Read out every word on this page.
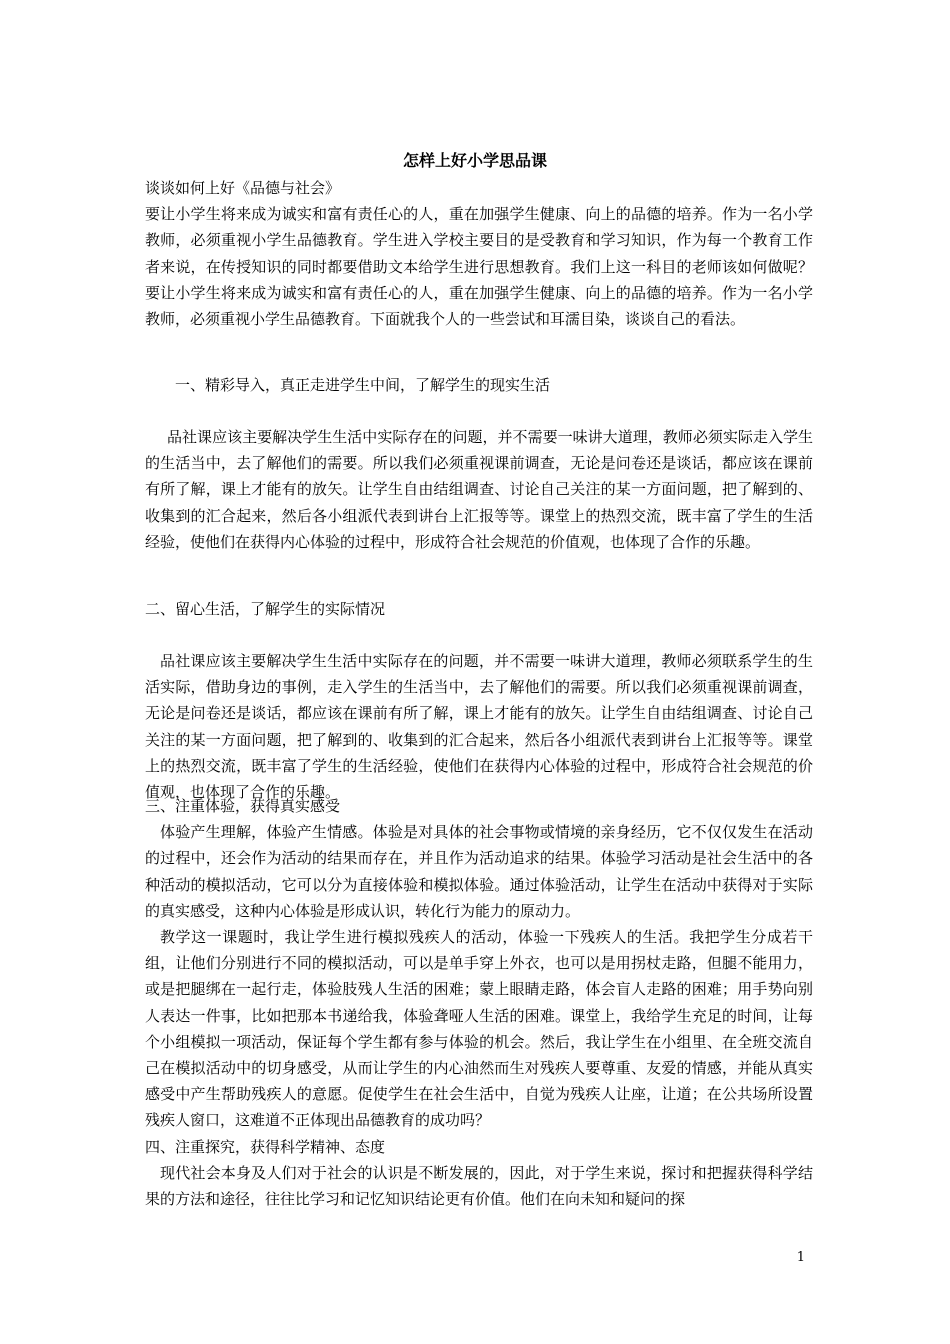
怎样上好小学思品课

谈谈如何上好《品德与社会》

要让小学生将来成为诚实和富有责任心的人，重在加强学生健康、向上的品德的培养。作为一名小学教师，必须重视小学生品德教育。学生进入学校主要目的是受教育和学习知识，作为每一个教育工作者来说，在传授知识的同时都要借助文本给学生进行思想教育。我们上这一科目的老师该如何做呢？要让小学生将来成为诚实和富有责任心的人，重在加强学生健康、向上的品德的培养。作为一名小学教师，必须重视小学生品德教育。下面就我个人的一些尝试和耳濡目染，谈谈自己的看法。

一、精彩导入，真正走进学生中间，了解学生的现实生活

品社课应该主要解决学生生活中实际存在的问题，并不需要一味讲大道理，教师必须实际走入学生的生活当中，去了解他们的需要。所以我们必须重视课前调查，无论是问卷还是谈话，都应该在课前有所了解，课上才能有的放矢。让学生自由结组调查、讨论自己关注的某一方面问题，把了解到的、收集到的汇合起来，然后各小组派代表到讲台上汇报等等。课堂上的热烈交流，既丰富了学生的生活经验，使他们在获得内心体验的过程中，形成符合社会规范的价值观，也体现了合作的乐趣。

二、留心生活，了解学生的实际情况

品社课应该主要解决学生生活中实际存在的问题，并不需要一味讲大道理，教师必须联系学生的生活实际，借助身边的事例，走入学生的生活当中，去了解他们的需要。所以我们必须重视课前调查，无论是问卷还是谈话，都应该在课前有所了解，课上才能有的放矢。让学生自由结组调查、讨论自己关注的某一方面问题，把了解到的、收集到的汇合起来，然后各小组派代表到讲台上汇报等等。课堂上的热烈交流，既丰富了学生的生活经验，使他们在获得内心体验的过程中，形成符合社会规范的价值观，也体现了合作的乐趣。

三、注重体验，获得真实感受

体验产生理解，体验产生情感。体验是对具体的社会事物或情境的亲身经历，它不仅仅发生在活动的过程中，还会作为活动的结果而存在，并且作为活动追求的结果。体验学习活动是社会生活中的各种活动的模拟活动，它可以分为直接体验和模拟体验。通过体验活动，让学生在活动中获得对于实际的真实感受，这种内心体验是形成认识，转化行为能力的原动力。

教学这一课题时，我让学生进行模拟残疾人的活动，体验一下残疾人的生活。我把学生分成若干组，让他们分别进行不同的模拟活动，可以是单手穿上外衣，也可以是用拐杖走路，但腿不能用力，或是把腿绑在一起行走，体验肢残人生活的困难；蒙上眼睛走路，体会盲人走路的困难；用手势向别人表达一件事，比如把那本书递给我，体验聋哑人生活的困难。课堂上，我给学生充足的时间，让每个小组模拟一项活动，保证每个学生都有参与体验的机会。然后，我让学生在小组里、在全班交流自己在模拟活动中的切身感受，从而让学生的内心油然而生对残疾人要尊重、友爱的情感，并能从真实感受中产生帮助残疾人的意愿。促使学生在社会生活中，自觉为残疾人让座，让道；在公共场所设置残疾人窗口，这难道不正体现出品德教育的成功吗？

四、注重探究，获得科学精神、态度

现代社会本身及人们对于社会的认识是不断发展的，因此，对于学生来说，探讨和把握获得科学结果的方法和途径，往往比学习和记忆知识结论更有价值。他们在向未知和疑问的探

1
